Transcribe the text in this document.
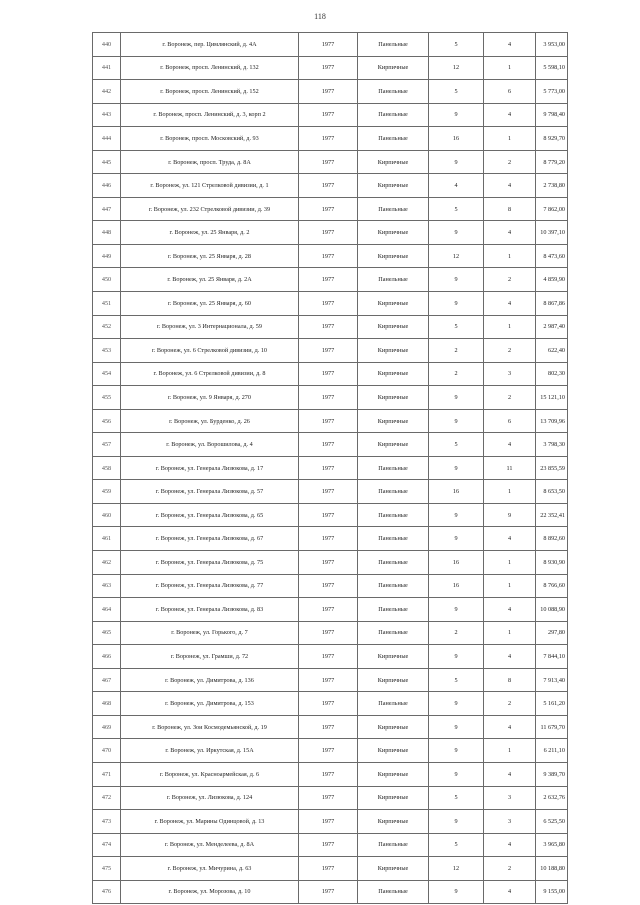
118
440	г. Воронеж, пер. Цимлянский, д. 4А	1977	Панельные	5	4	3 953,00
441	г. Воронеж, просп. Ленинский, д. 132	1977	Кирпичные	12	1	5 598,10
442	г. Воронеж, просп. Ленинский, д. 152	1977	Панельные	5	6	5 773,00
443	г. Воронеж, просп. Ленинский, д. 3, корп 2	1977	Панельные	9	4	9 798,40
444	г. Воронеж, просп. Московский, д. 93	1977	Панельные	16	1	8 929,70
445	г. Воронеж, просп. Труда, д. 8А	1977	Кирпичные	9	2	8 779,20
446	г. Воронеж, ул. 121 Стрелковой дивизии, д. 1	1977	Кирпичные	4	4	2 738,80
447	г. Воронеж, ул. 232 Стрелковой дивизии, д. 39	1977	Панельные	5	8	7 862,00
448	г. Воронеж, ул. 25 Января, д. 2	1977	Кирпичные	9	4	10 397,10
449	г. Воронеж, ул. 25 Января, д. 28	1977	Кирпичные	12	1	8 473,60
450	г. Воронеж, ул. 25 Января, д. 2А	1977	Панельные	9	2	4 859,90
451	г. Воронеж, ул. 25 Января, д. 60	1977	Кирпичные	9	4	8 867,86
452	г. Воронеж, ул. 3 Интернационала, д. 59	1977	Кирпичные	5	1	2 987,40
453	г. Воронеж, ул. 6 Стрелковой дивизии, д. 10	1977	Кирпичные	2	2	622,40
454	г. Воронеж, ул. 6 Стрелковой дивизии, д. 8	1977	Кирпичные	2	3	802,30
455	г. Воронеж, ул. 9 Января, д. 270	1977	Кирпичные	9	2	15 121,10
456	г. Воронеж, ул. Бурденко, д. 26	1977	Кирпичные	9	6	13 709,96
457	г. Воронеж, ул. Ворошилова, д. 4	1977	Кирпичные	5	4	3 798,30
458	г. Воронеж, ул. Генерала Лизюкова, д. 17	1977	Панельные	9	11	23 855,59
459	г. Воронеж, ул. Генерала Лизюкова, д. 57	1977	Панельные	16	1	8 653,50
460	г. Воронеж, ул. Генерала Лизюкова, д. 65	1977	Панельные	9	9	22 352,41
461	г. Воронеж, ул. Генерала Лизюкова, д. 67	1977	Панельные	9	4	8 892,60
462	г. Воронеж, ул. Генерала Лизюкова, д. 75	1977	Панельные	16	1	8 930,90
463	г. Воронеж, ул. Генерала Лизюкова, д. 77	1977	Панельные	16	1	8 766,60
464	г. Воронеж, ул. Генерала Лизюкова, д. 83	1977	Панельные	9	4	10 088,90
465	г. Воронеж, ул. Горького, д. 7	1977	Панельные	2	1	297,80
466	г. Воронеж, ул. Грамши, д. 72	1977	Кирпичные	9	4	7 844,10
467	г. Воронеж, ул. Димитрова, д. 136	1977	Кирпичные	5	8	7 913,40
468	г. Воронеж, ул. Димитрова, д. 153	1977	Панельные	9	2	5 161,20
469	г. Воронеж, ул. Зои Космодемьянской, д. 19	1977	Кирпичные	9	4	11 679,70
470	г. Воронеж, ул. Иркутская, д. 15А	1977	Кирпичные	9	1	6 211,10
471	г. Воронеж, ул. Красноармейская, д. 6	1977	Кирпичные	9	4	9 389,70
472	г. Воронеж, ул. Лизюкова, д. 124	1977	Кирпичные	5	3	2 632,76
473	г. Воронеж, ул. Марины Одинцовой, д. 13	1977	Кирпичные	9	3	6 525,50
474	г. Воронеж, ул. Менделеева, д. 8А	1977	Панельные	5	4	3 965,80
475	г. Воронеж, ул. Мичурина, д. 63	1977	Кирпичные	12	2	10 188,80
476	г. Воронеж, ул. Морозова, д. 10	1977	Панельные	9	4	9 155,00
